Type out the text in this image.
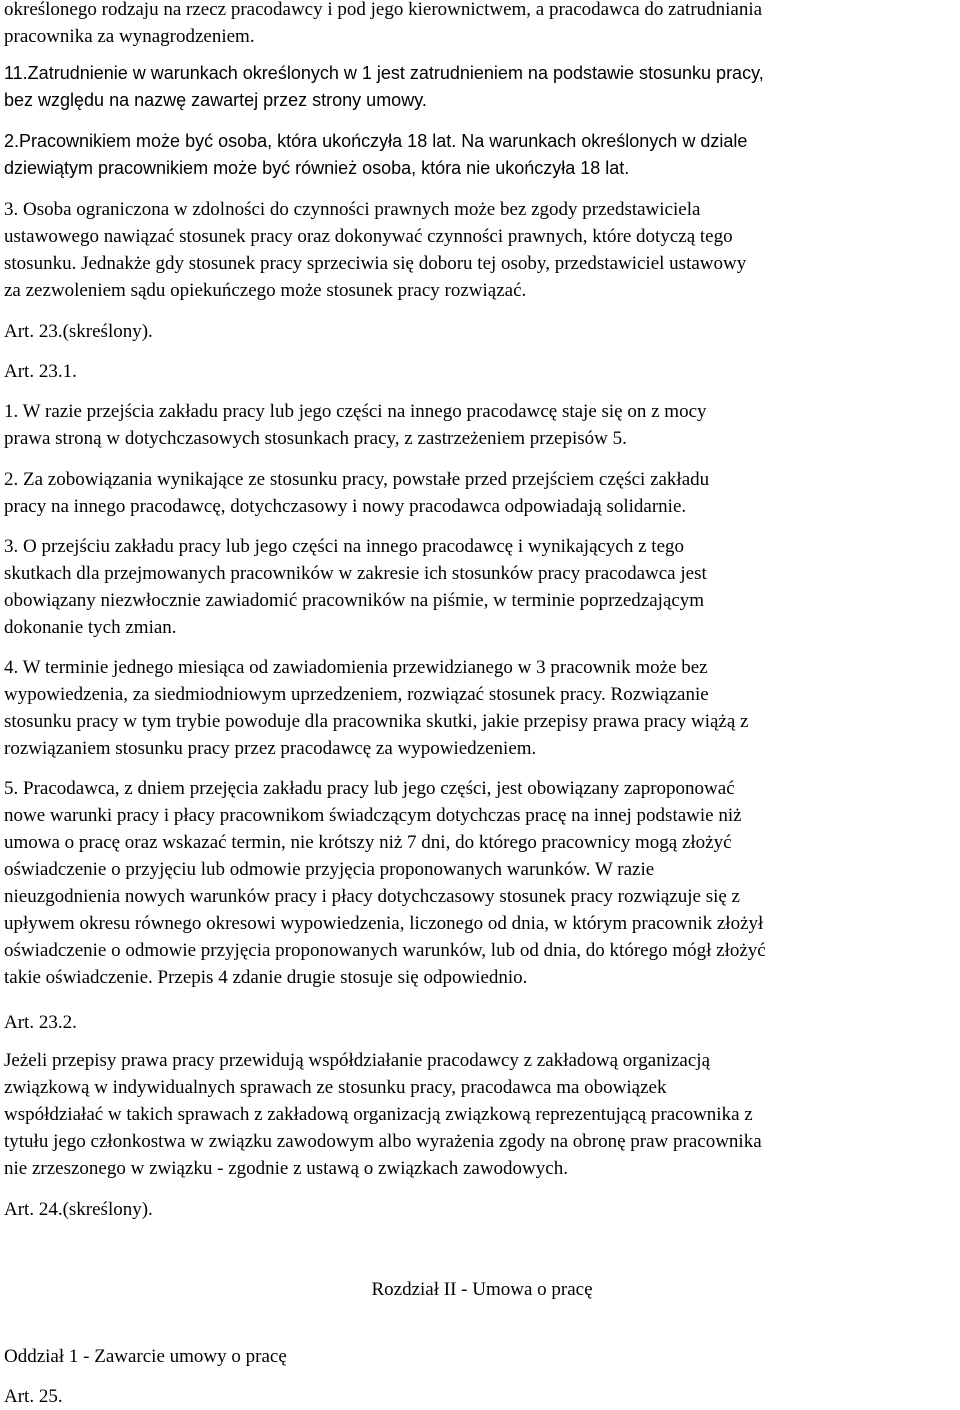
określonego rodzaju na rzecz pracodawcy i pod jego kierownictwem, a pracodawca do zatrudniania
pracownika za wynagrodzeniem.

11.Zatrudnienie w warunkach określonych w 1 jest zatrudnieniem na podstawie stosunku pracy,
bez względu na nazwę zawartej przez strony umowy.

2.Pracownikiem może być osoba, która ukończyła 18 lat. Na warunkach określonych w dziale
dziewiątym pracownikiem może być również osoba, która nie ukończyła 18 lat.

3. Osoba ograniczona w zdolności do czynności prawnych może bez zgody przedstawiciela
ustawowego nawiązać stosunek pracy oraz dokonywać czynności prawnych, które dotyczą tego
stosunku. Jednakże gdy stosunek pracy sprzeciwia się doboru tej osoby, przedstawiciel ustawowy
za zezwoleniem sądu opiekuńczego może stosunek pracy rozwiązać.

Art. 23.(skreślony).

Art. 23.1.

1. W razie przejścia zakładu pracy lub jego części na innego pracodawcę staje się on z mocy
prawa stroną w dotychczasowych stosunkach pracy, z zastrzeżeniem przepisów 5.

2. Za zobowiązania wynikające ze stosunku pracy, powstałe przed przejściem części zakładu
pracy na innego pracodawcę, dotychczasowy i nowy pracodawca odpowiadają solidarnie.

3. O przejściu zakładu pracy lub jego części na innego pracodawcę i wynikających z tego
skutkach dla przejmowanych pracowników w zakresie ich stosunków pracy pracodawca jest
obowiązany niezwłocznie zawiadomić pracowników na piśmie, w terminie poprzedzającym
dokonanie tych zmian.

4. W terminie jednego miesiąca od zawiadomienia przewidzianego w 3 pracownik może bez
wypowiedzenia, za siedmiodniowym uprzedzeniem, rozwiązać stosunek pracy. Rozwiązanie
stosunku pracy w tym trybie powoduje dla pracownika skutki, jakie przepisy prawa pracy wiążą z
rozwiązaniem stosunku pracy przez pracodawcę za wypowiedzeniem.

5. Pracodawca, z dniem przejęcia zakładu pracy lub jego części, jest obowiązany zaproponować
nowe warunki pracy i płacy pracownikom świadczącym dotychczas pracę na innej podstawie niż
umowa o pracę oraz wskazać termin, nie krótszy niż 7 dni, do którego pracownicy mogą złożyć
oświadczenie o przyjęciu lub odmowie przyjęcia proponowanych warunków. W razie
nieuzgodnienia nowych warunków pracy i płacy dotychczasowy stosunek pracy rozwiązuje się z
upływem okresu równego okresowi wypowiedzenia, liczonego od dnia, w którym pracownik złożył
oświadczenie o odmowie przyjęcia proponowanych warunków, lub od dnia, do którego mógł złożyć
takie oświadczenie. Przepis 4 zdanie drugie stosuje się odpowiednio.

Art. 23.2.

Jeżeli przepisy prawa pracy przewidują współdziałanie pracodawcy z zakładową organizacją
związkową w indywidualnych sprawach ze stosunku pracy, pracodawca ma obowiązek
współdziałać w takich sprawach z zakładową organizacją związkową reprezentującą pracownika z
tytułu jego członkostwa w związku zawodowym albo wyrażenia zgody na obronę praw pracownika
nie zrzeszonego w związku - zgodnie z ustawą o związkach zawodowych.

Art. 24.(skreślony).

Rozdział II - Umowa o pracę
Oddział 1 - Zawarcie umowy o pracę
Art. 25.
